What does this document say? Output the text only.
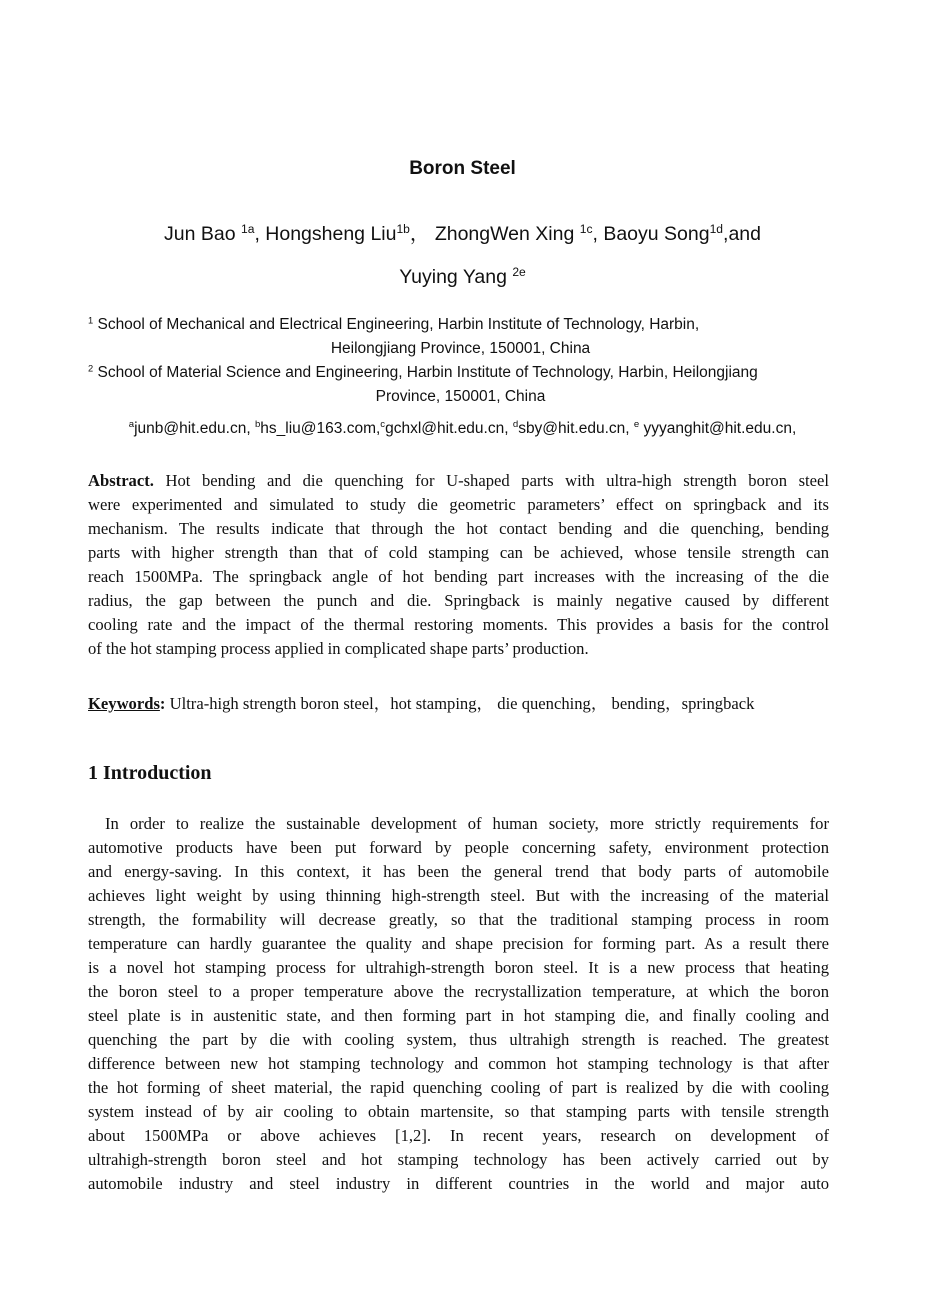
Boron Steel
Jun Bao $^{1a}$, Hongsheng Liu$^{1b}$， ZhongWen Xing $^{1c}$, Baoyu Song$^{1d}$,and
Yuying Yang $^{2e}$
$^1$ School of Mechanical and Electrical Engineering, Harbin Institute of Technology, Harbin,
Heilongjiang Province, 150001, China
$^2$ School of Material Science and Engineering, Harbin Institute of Technology, Harbin, Heilongjiang
Province, 150001, China
$^a$junb@hit.edu.cn, $^b$hs_liu@163.com,$^c$gchxl@hit.edu.cn, $^d$sby@hit.edu.cn, $^e$ yyyanghit@hit.edu.cn,
Abstract. Hot bending and die quenching for U-shaped parts with ultra-high strength boron steel
were experimented and simulated to study die geometric parameters’ effect on springback and its
mechanism. The results indicate that through the hot contact bending and die quenching, bending
parts with higher strength than that of cold stamping can be achieved, whose tensile strength can
reach 1500MPa. The springback angle of hot bending part increases with the increasing of the die
radius, the gap between the punch and die. Springback is mainly negative caused by different
cooling rate and the impact of the thermal restoring moments. This provides a basis for the control
of the hot stamping process applied in complicated shape parts’ production.
Keywords: Ultra-high strength boron steel，hot stamping， die quenching， bending，springback
1 Introduction
In order to realize the sustainable development of human society, more strictly requirements for
automotive products have been put forward by people concerning safety, environment protection
and energy-saving. In this context, it has been the general trend that body parts of automobile
achieves light weight by using thinning high-strength steel. But with the increasing of the material
strength, the formability will decrease greatly, so that the traditional stamping process in room
temperature can hardly guarantee the quality and shape precision for forming part. As a result there
is a novel hot stamping process for ultrahigh-strength boron steel. It is a new process that heating
the boron steel to a proper temperature above the recrystallization temperature, at which the boron
steel plate is in austenitic state, and then forming part in hot stamping die, and finally cooling and
quenching the part by die with cooling system, thus ultrahigh strength is reached. The greatest
difference between new hot stamping technology and common hot stamping technology is that after
the hot forming of sheet material, the rapid quenching cooling of part is realized by die with cooling
system instead of by air cooling to obtain martensite, so that stamping parts with tensile strength
about 1500MPa or above achieves [1,2]. In recent years, research on development of
ultrahigh-strength boron steel and hot stamping technology has been actively carried out by
automobile industry and steel industry in different countries in the world and major auto
